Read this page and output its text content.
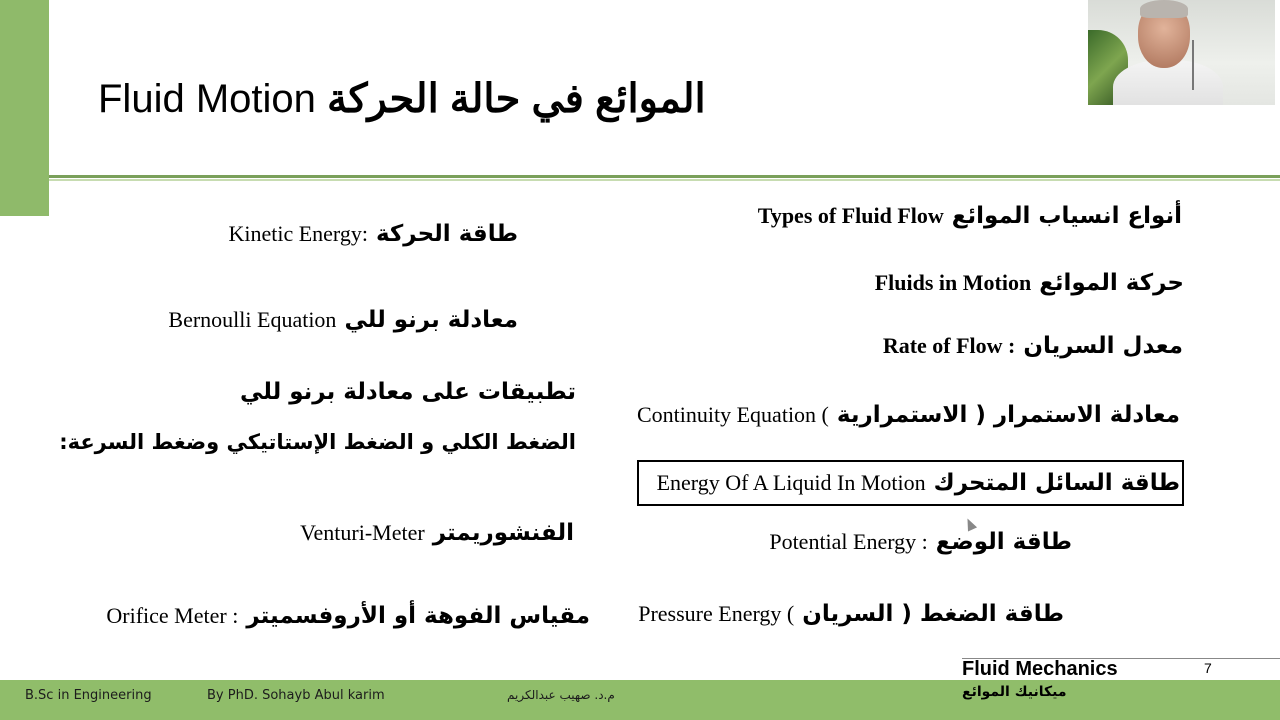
Fluid Motion الموائع في حالة الحركة
Types of Fluid Flow أنواع انسياب الموائع
Fluids in Motion حركة الموائع
Rate of Flow : معدل السريان
Continuity Equation ( معادلة الاستمرار ( الاستمرارية
Energy Of A Liquid In Motion طاقة السائل المتحرك
Potential Energy : طاقة الوضع
Pressure Energy ( طاقة الضغط ( السريان
Kinetic Energy: طاقة الحركة
Bernoulli Equation معادلة برنو للي
تطبيقات على معادلة برنو للي
الضغط الكلي و الضغط الإستاتيكي وضغط السرعة:
Venturi-Meter الفنشوريمتر
Orifice Meter : مقياس الفوهة أو الأروفسميتر
Fluid Mechanics	7
B.Sc in Engineering	By PhD. Sohayb Abul karim	م.د. صهيب عبدالكريم	ميكانيك الموائع
